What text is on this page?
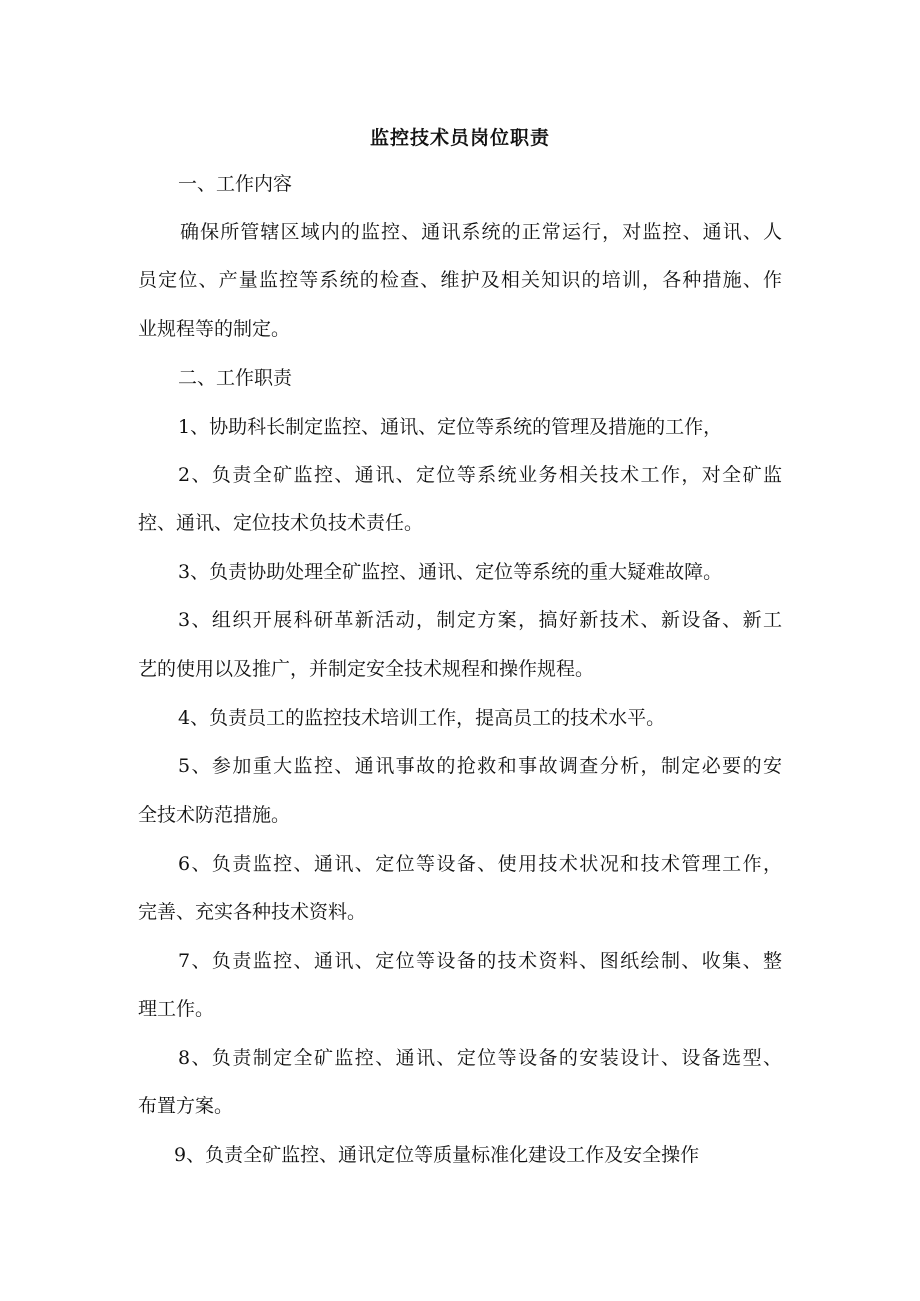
监控技术员岗位职责

一、工作内容

确保所管辖区域内的监控、通讯系统的正常运行，对监控、通讯、人

员定位、产量监控等系统的检查、维护及相关知识的培训，各种措施、作

业规程等的制定。

二、工作职责

1、协助科长制定监控、通讯、定位等系统的管理及措施的工作，

2、负责全矿监控、通讯、定位等系统业务相关技术工作，对全矿监

控、通讯、定位技术负技术责任。

3、负责协助处理全矿监控、通讯、定位等系统的重大疑难故障。

3、组织开展科研革新活动，制定方案，搞好新技术、新设备、新工

艺的使用以及推广，并制定安全技术规程和操作规程。

4、负责员工的监控技术培训工作，提高员工的技术水平。

5、参加重大监控、通讯事故的抢救和事故调查分析，制定必要的安

全技术防范措施。

6、负责监控、通讯、定位等设备、使用技术状况和技术管理工作，

完善、充实各种技术资料。

7、负责监控、通讯、定位等设备的技术资料、图纸绘制、收集、整

理工作。

8、负责制定全矿监控、通讯、定位等设备的安装设计、设备选型、

布置方案。

9、负责全矿监控、通讯定位等质量标准化建设工作及安全操作
